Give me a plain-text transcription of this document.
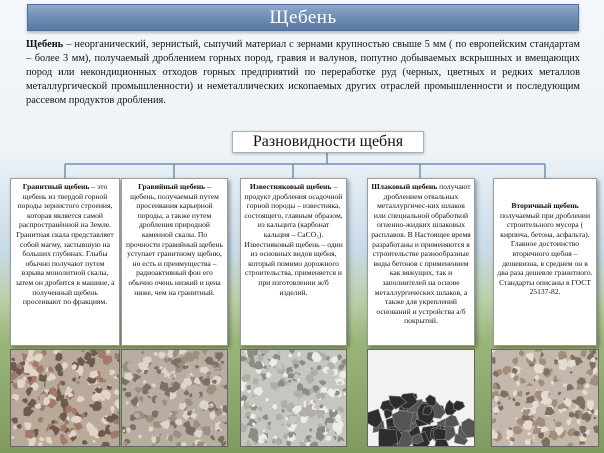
Щебень
Щебень – неорганический, зернистый, сыпучий материал с зернами крупностью свыше 5 мм ( по европейским стандартам – более 3 мм), получаемый дроблением горных пород, гравия и валунов, попутно добываемых вскрышных и вмещающих пород или некондиционных отходов горных предприятий по переработке руд (черных, цветных и редких металлов металлургической промышленности) и неметаллических ископаемых других отраслей промышленности и последующим рассевом продуктов дробления.
Разновидности щебня
Гранитный щебень – это щебень из твердой горной породы зернистого строения, которая является самой распространённой на Земле. Гранитная скала представляет собой магму, застывшую на больших глубинах. Глыбы обычно получают путем взрыва монолитной скалы, затем он дробится в машине, а полученный щебень просеивают по фракциям.
Гравийный щебень – щебень, получаемый путем просеивания карьерной породы, а также путем дробления природной каменной скалы. По прочности гравийный щебень уступает гранитному щебню, но есть и преимущества – радиоактивный фон его обычно очень низкий и цена ниже, чем на гранитный.
Известняковый щебень – продукт дробления осадочной горной породы – известняка, состоящего, главным образом, из кальцита (карбонат кальция – CaCO₃). Известняковый щебень – один из основных видов щебня, который помимо дорожного строительства, применяется и при изготовлении ж/б изделий.
Шлаковый щебень получают дроблением отвальных металлургичес-ких шлаков или специальной обработкой огненно-жидких шлаковых расплавов. В Настоящее время разработаны и применяются в строительстве разнообразные виды бетонов с применением как вяжущих, так и заполнителей на основе металлургических шлаков, а также для укреплений оснований и устройства а/б покрытий.
Вторичный щебень получаемый при дроблении строительного мусора ( кирпича, бетона, асфальта). Главное достоинство вторичного щебня – дешевизна, в среднем он в два раза дешевле гранитного. Стандарты описаны в ГОСТ 25137-82.
